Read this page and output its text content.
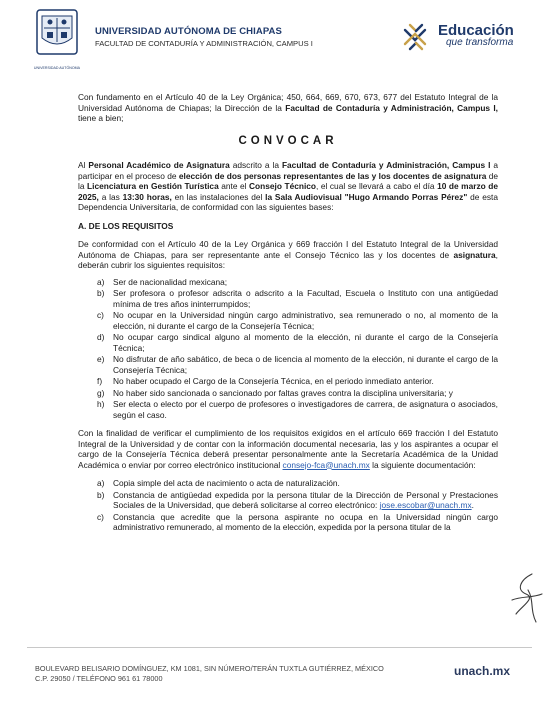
UNIVERSIDAD AUTÓNOMA
UNIVERSIDAD AUTÓNOMA DE CHIAPAS
FACULTAD DE CONTADURÍA Y ADMINISTRACIÓN, CAMPUS I
Educación
que transforma

Con fundamento en el Artículo 40 de la Ley Orgánica; 450, 664, 669, 670, 673, 677 del Estatuto Integral de la Universidad Autónoma de Chiapas; la Dirección de la Facultad de Contaduría y Administración, Campus I, tiene a bien;

CONVOCAR

Al Personal Académico de Asignatura adscrito a la Facultad de Contaduría y Administración, Campus I a participar en el proceso de elección de dos personas representantes de las y los docentes de asignatura de la Licenciatura en Gestión Turística ante el Consejo Técnico, el cual se llevará a cabo el día 10 de marzo de 2025, a las 13:30 horas, en las instalaciones del la Sala Audiovisual "Hugo Armando Porras Pérez" de esta Dependencia Universitaria, de conformidad con las siguientes bases:

A. DE LOS REQUISITOS

De conformidad con el Artículo 40 de la Ley Orgánica y 669 fracción I del Estatuto Integral de la Universidad Autónoma de Chiapas, para ser representante ante el Consejo Técnico las y los docentes de asignatura, deberán cubrir los siguientes requisitos:

a) Ser de nacionalidad mexicana;
b) Ser profesora o profesor adscrita o adscrito a la Facultad, Escuela o Instituto con una antigüedad mínima de tres años ininterrumpidos;
c) No ocupar en la Universidad ningún cargo administrativo, sea remunerado o no, al momento de la elección, ni durante el cargo de la Consejería Técnica;
d) No ocupar cargo sindical alguno al momento de la elección, ni durante el cargo de la Consejería Técnica;
e) No disfrutar de año sabático, de beca o de licencia al momento de la elección, ni durante el cargo de la Consejería Técnica;
f) No haber ocupado el Cargo de la Consejería Técnica, en el periodo inmediato anterior.
g) No haber sido sancionada o sancionado por faltas graves contra la disciplina universitaria; y
h) Ser electa o electo por el cuerpo de profesores o investigadores de carrera, de asignatura o asociados, según el caso.

Con la finalidad de verificar el cumplimiento de los requisitos exigidos en el artículo 669 fracción I del Estatuto Integral de la Universidad y de contar con la información documental necesaria, las y los aspirantes a ocupar el cargo de la Consejería Técnica deberá presentar personalmente ante la Secretaría Académica de la Unidad Académica o enviar por correo electrónico institucional consejo-fca@unach.mx la siguiente documentación:

a) Copia simple del acta de nacimiento o acta de naturalización.
b) Constancia de antigüedad expedida por la persona titular de la Dirección de Personal y Prestaciones Sociales de la Universidad, que deberá solicitarse al correo electrónico: jose.escobar@unach.mx.
c) Constancia que acredite que la persona aspirante no ocupa en la Universidad ningún cargo administrativo remunerado, al momento de la elección, expedida por la persona titular de la
BOULEVARD BELISARIO DOMÍNGUEZ, KM 1081, SIN NÚMERO/TERÁN TUXTLA GUTIÉRREZ, MÉXICO
C.P. 29050 / TELÉFONO 961 61 78000
unach.mx
